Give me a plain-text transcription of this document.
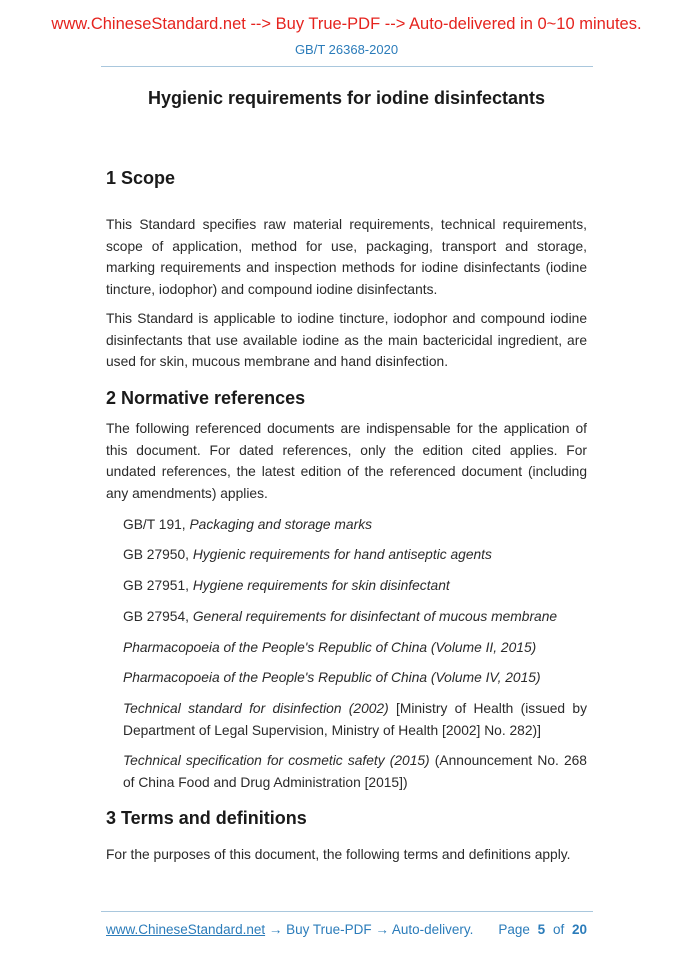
www.ChineseStandard.net --> Buy True-PDF --> Auto-delivered in 0~10 minutes.
GB/T 26368-2020
Hygienic requirements for iodine disinfectants
1 Scope

This Standard specifies raw material requirements, technical requirements, scope of application, method for use, packaging, transport and storage, marking requirements and inspection methods for iodine disinfectants (iodine tincture, iodophor) and compound iodine disinfectants.

This Standard is applicable to iodine tincture, iodophor and compound iodine disinfectants that use available iodine as the main bactericidal ingredient, are used for skin, mucous membrane and hand disinfection.

2 Normative references

The following referenced documents are indispensable for the application of this document. For dated references, only the edition cited applies. For undated references, the latest edition of the referenced document (including any amendments) applies.

GB/T 191, Packaging and storage marks

GB 27950, Hygienic requirements for hand antiseptic agents

GB 27951, Hygiene requirements for skin disinfectant

GB 27954, General requirements for disinfectant of mucous membrane

Pharmacopoeia of the People's Republic of China (Volume II, 2015)

Pharmacopoeia of the People's Republic of China (Volume IV, 2015)

Technical standard for disinfection (2002) [Ministry of Health (issued by Department of Legal Supervision, Ministry of Health [2002] No. 282)]

Technical specification for cosmetic safety (2015) (Announcement No. 268 of China Food and Drug Administration [2015])

3 Terms and definitions

For the purposes of this document, the following terms and definitions apply.

www.ChineseStandard.net → Buy True-PDF → Auto-delivery. Page 5 of 20
